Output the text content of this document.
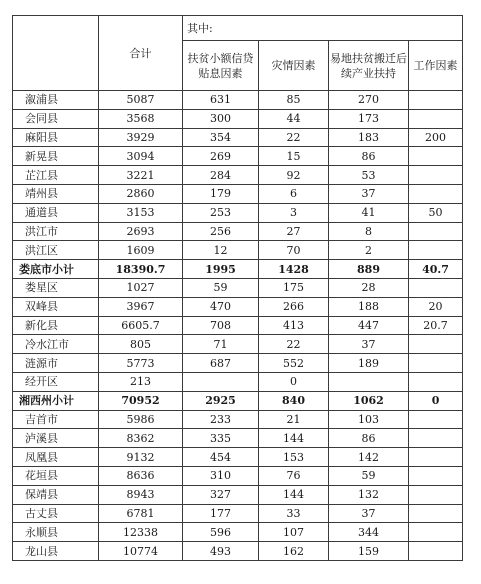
	合计	其中:			
		扶贫小额信贷贴息因素	灾情因素	易地扶贫搬迁后续产业扶持	工作因素
溆浦县	5087	631	85	270	
会同县	3568	300	44	173	
麻阳县	3929	354	22	183	200
新晃县	3094	269	15	86	
芷江县	3221	284	92	53	
靖州县	2860	179	6	37	
通道县	3153	253	3	41	50
洪江市	2693	256	27	8	
洪江区	1609	12	70	2	
娄底市小计	18390.7	1995	1428	889	40.7
娄星区	1027	59	175	28	
双峰县	3967	470	266	188	20
新化县	6605.7	708	413	447	20.7
冷水江市	805	71	22	37	
涟源市	5773	687	552	189	
经开区	213		0		
湘西州小计	70952	2925	840	1062	0
吉首市	5986	233	21	103	
泸溪县	8362	335	144	86	
凤凰县	9132	454	153	142	
花垣县	8636	310	76	59	
保靖县	8943	327	144	132	
古丈县	6781	177	33	37	
永顺县	12338	596	107	344	
龙山县	10774	493	162	159	
